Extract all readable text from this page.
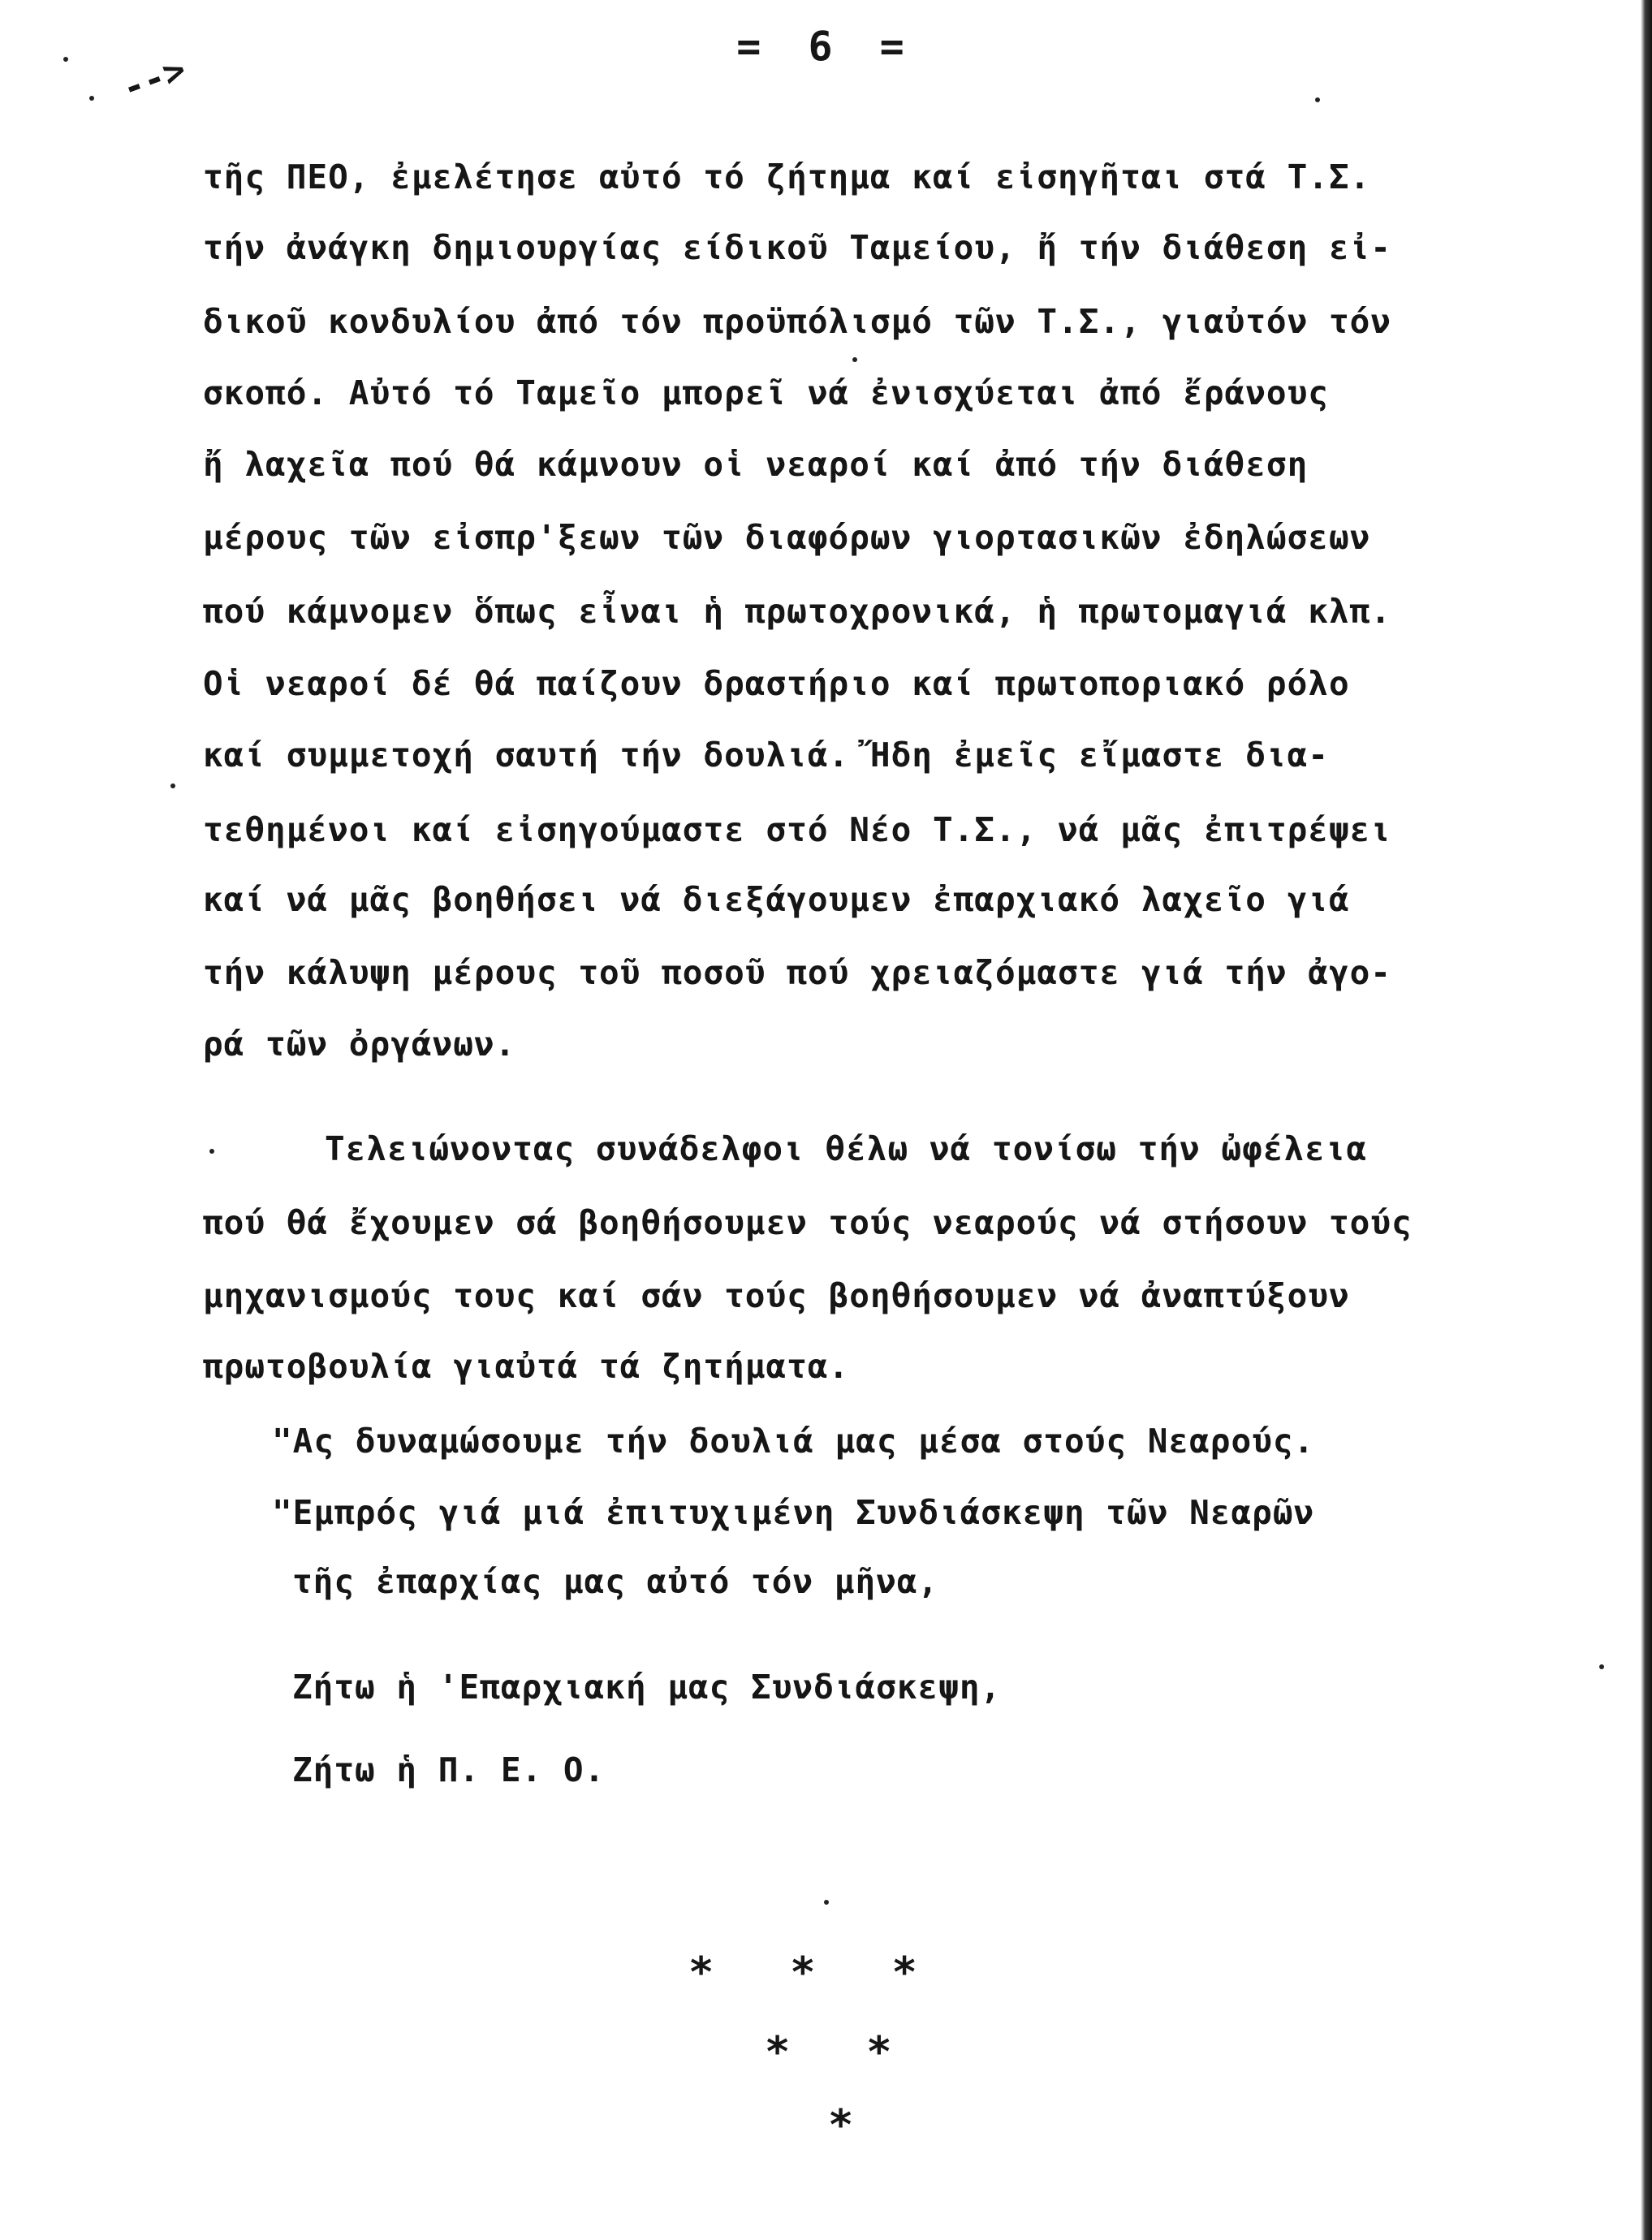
= 6 =
-->
τῆς ΠΕΟ, ἐμελέτησε αὐτό τό ζήτημα καί εἰσηγῆται στά Τ.Σ.
τήν ἀνάγκη δημιουργίας είδικοῦ Ταμείου, ἤ τήν διάθεση εἰ-
δικοῦ κονδυλίου ἀπό τόν προϋπόλισμό τῶν Τ.Σ., γιαὐτόν τόν
σκοπό. Αὐτό τό Ταμεῖο μπορεῖ νά ἐνισχύεται ἀπό ἔράνους
ἤ λαχεῖα πού θά κάμνουν οἱ νεαροί καί ἀπό τήν διάθεση
μέρους τῶν εἰσπρ'ξεων τῶν διαφόρων γιορτασικῶν ἐδηλώσεων
πού κάμνομεν ὅπως εἶναι ἡ πρωτοχρονικά, ἡ πρωτομαγιά κλπ.
Οἱ νεαροί δέ θά παίζουν δραστήριο καί πρωτοποριακό ρόλο
καί συμμετοχή σαυτή τήν δουλιά. Ἤδη ἐμεῖς εἴμαστε δια-
τεθημένοι καί εἰσηγούμαστε στό Νέο Τ.Σ., νά μᾶς ἐπιτρέψει
καί νά μᾶς βοηθήσει νά διεξάγουμεν ἐπαρχιακό λαχεῖο γιά
τήν κάλυψη μέρους τοῦ ποσοῦ πού χρειαζόμαστε γιά τήν ἀγο-
ρά τῶν ὀργάνων.
Τελειώνοντας συνάδελφοι θέλω νά τονίσω τήν ὠφέλεια
πού θά ἔχουμεν σά βοηθήσουμεν τούς νεαρούς νά στήσουν τούς
μηχανισμούς τους καί σάν τούς βοηθήσουμεν νά ἀναπτύξουν
πρωτοβουλία γιαὐτά τά ζητήματα.
"Ας δυναμώσουμε τήν δουλιά μας μέσα στούς Νεαρούς.
"Εμπρός γιά μιά ἐπιτυχιμένη Συνδιάσκεψη τῶν Νεαρῶν
τῆς ἐπαρχίας μας αὐτό τόν μῆνα,
Ζήτω ἡ 'Επαρχιακή μας Συνδιάσκεψη,
Ζήτω ἡ Π. Ε. Ο.
*   *   *
*   *
*
